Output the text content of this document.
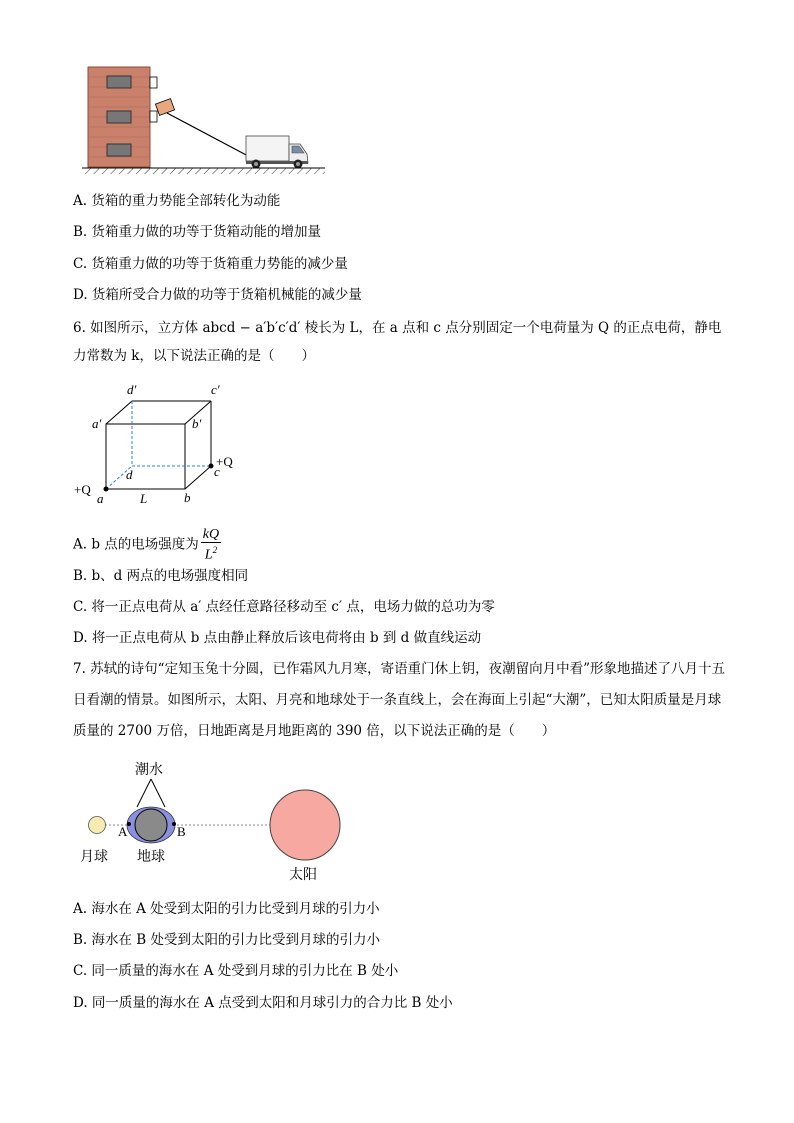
A. 货箱的重力势能全部转化为动能
B. 货箱重力做的功等于货箱动能的增加量
C. 货箱重力做的功等于货箱重力势能的减少量
D. 货箱所受合力做的功等于货箱机械能的减少量
6. 如图所示，立方体 abcd − a′b′c′d′ 棱长为 L，在 a 点和 c 点分别固定一个电荷量为 Q 的正点电荷，静电
力常数为 k，以下说法正确的是（　　）
d′	c′
a′	b′
d	c
+Q
+Q
a	L	b
A. b 点的电场强度为 $\frac{kQ}{L^2}$
B. b、d 两点的电场强度相同
C. 将一正点电荷从 a′ 点经任意路径移动至 c′ 点，电场力做的总功为零
D. 将一正点电荷从 b 点由静止释放后该电荷将由 b 到 d 做直线运动
7. 苏轼的诗句“定知玉兔十分圆，已作霜风九月寒，寄语重门休上钥，夜潮留向月中看”形象地描述了八月十五日看潮的情景。如图所示，太阳、月亮和地球处于一条直线上，会在海面上引起“大潮”，已知太阳质量是月球质量的 2700 万倍，日地距离是月地距离的 390 倍，以下说法正确的是（　　）
潮水
A	B
月球 地球
太阳
A. 海水在 A 处受到太阳的引力比受到月球的引力小
B. 海水在 B 处受到太阳的引力比受到月球的引力小
C. 同一质量的海水在 A 处受到月球的引力比在 B 处小
D. 同一质量的海水在 A 点受到太阳和月球引力的合力比 B 处小
